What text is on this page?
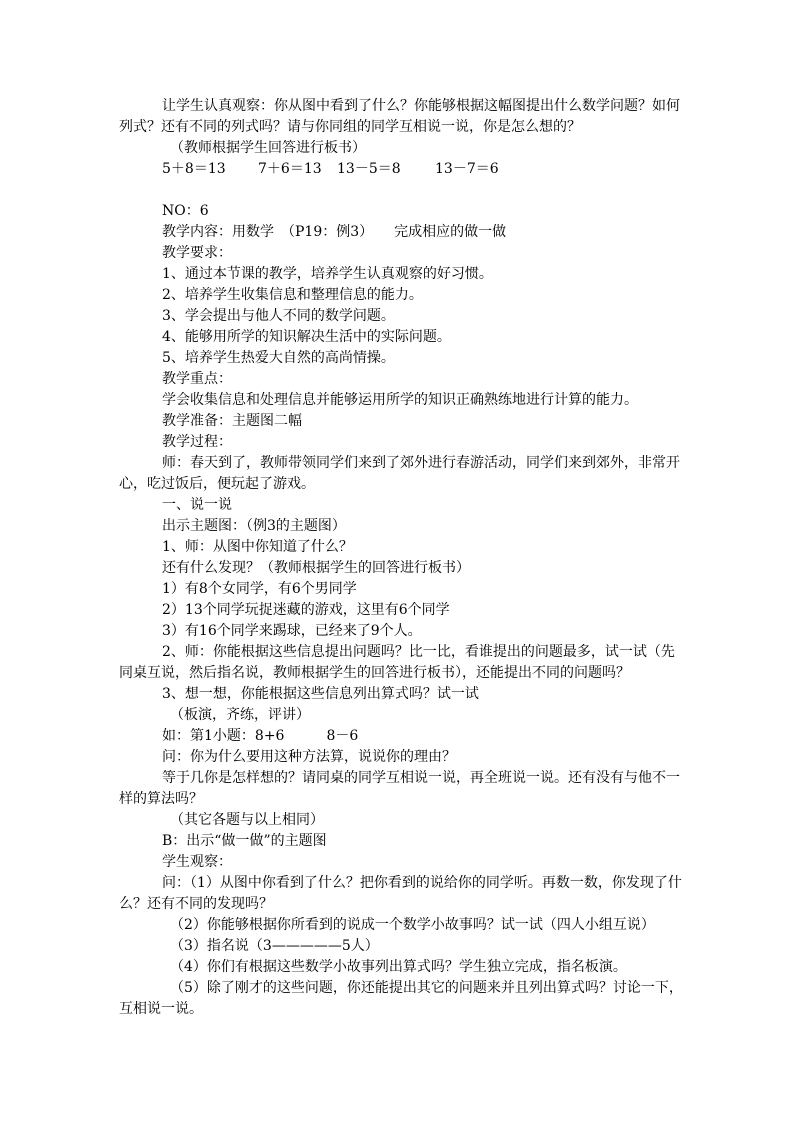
让学生认真观察：你从图中看到了什么？你能够根据这幅图提出什么数学问题？如何
列式？还有不同的列式吗？请与你同组的同学互相说一说，你是怎么想的？
（教师根据学生回答进行板书）
5＋8＝13 7＋6＝13 13－5＝8 13－7＝6
NO：6
教学内容：用数学　（P19：例3）　　完成相应的做一做
教学要求：
1、通过本节课的教学，培养学生认真观察的好习惯。
2、培养学生收集信息和整理信息的能力。
3、学会提出与他人不同的数学问题。
4、能够用所学的知识解决生活中的实际问题。
5、培养学生热爱大自然的高尚情操。
教学重点：
学会收集信息和处理信息并能够运用所学的知识正确熟练地进行计算的能力。
教学准备：主题图二幅
教学过程：
师：春天到了，教师带领同学们来到了郊外进行春游活动，同学们来到郊外，非常开
心，吃过饭后，便玩起了游戏。
一、说一说
出示主题图：（例3的主题图）
1、师：从图中你知道了什么？
还有什么发现？（教师根据学生的回答进行板书）
1）有8个女同学，有6个男同学
2）13个同学玩捉迷藏的游戏，这里有6个同学
3）有16个同学来踢球，已经来了9个人。
2、师：你能根据这些信息提出问题吗？比一比，看谁提出的问题最多，试一试（先
同桌互说，然后指名说，教师根据学生的回答进行板书），还能提出不同的问题吗？
3、想一想，你能根据这些信息列出算式吗？试一试
（板演，齐练，评讲）
如：第1小题：8+6　　　8－6
问：你为什么要用这种方法算，说说你的理由？
等于几你是怎样想的？请同桌的同学互相说一说，再全班说一说。还有没有与他不一
样的算法吗？
（其它各题与以上相同）
B：出示“做一做”的主题图
学生观察：
问：（1）从图中你看到了什么？把你看到的说给你的同学听。再数一数，你发现了什
么？还有不同的发现吗？
（2）你能够根据你所看到的说成一个数学小故事吗？试一试（四人小组互说）
（3）指名说（3—————5人）
（4）你们有根据这些数学小故事列出算式吗？学生独立完成，指名板演。
（5）除了刚才的这些问题，你还能提出其它的问题来并且列出算式吗？讨论一下，
互相说一说。
